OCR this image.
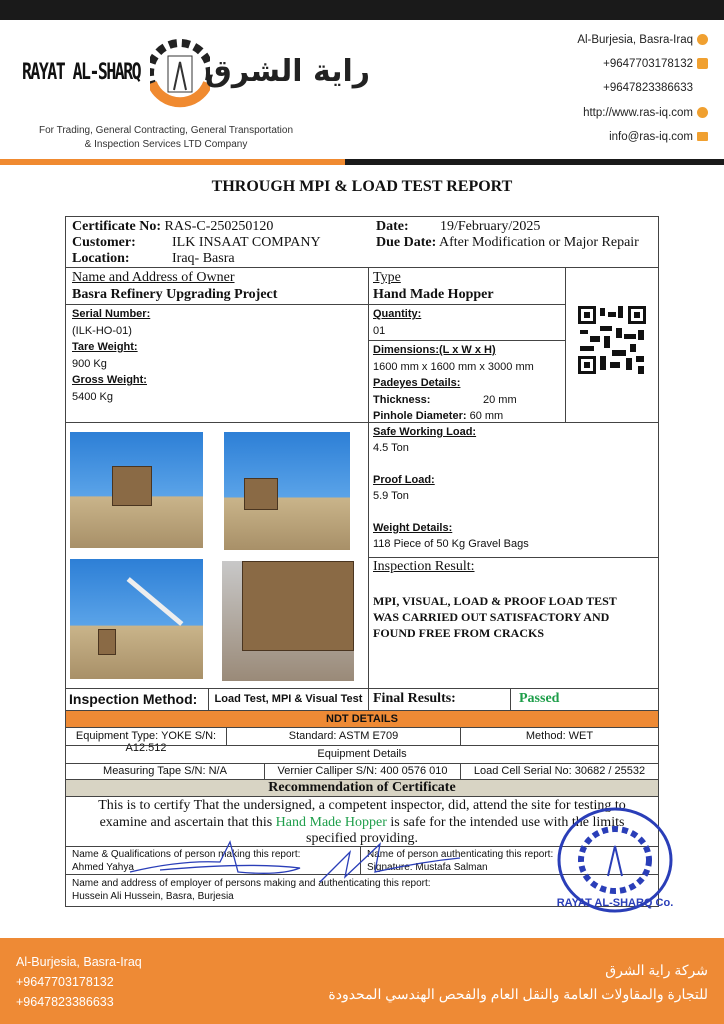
RAYAT AL-SHARQ راية الشرق
For Trading, General Contracting, General Transportation
& Inspection Services LTD Company
Al-Burjesia, Basra-Iraq
+9647703178132
+9647823386633
http://www.ras-iq.com
info@ras-iq.com
THROUGH MPI & LOAD TEST REPORT
Certificate No: RAS-C-250250120
Customer:	ILK INSAAT COMPANY
Location:	Iraq- Basra
Date: 19/February/2025
Due Date: After Modification or Major Repair
Name and Address of Owner
Basra Refinery Upgrading Project
Type
Hand Made Hopper
Serial Number:
(ILK-HO-01)
Tare Weight:
900 Kg
Gross Weight:
5400 Kg
Quantity:
01
Dimensions:(L x W x H)
1600 mm x 1600 mm x 3000 mm
Padeyes Details:
Thickness:	20 mm
Pinhole Diameter: 60 mm
Safe Working Load:
4.5 Ton
Proof Load:
5.9 Ton
Weight Details:
118 Piece of 50 Kg Gravel Bags
Inspection Result:
MPI, VISUAL, LOAD & PROOF LOAD TEST WAS CARRIED OUT SATISFACTORY AND FOUND FREE FROM CRACKS
Inspection Method:	Load Test, MPI & Visual Test Final Results:	Passed
NDT DETAILS
Equipment Type: YOKE S/N: A12.512
Standard: ASTM E709	Method: WET
Equipment Details
Measuring Tape S/N: N/A	Vernier Calliper S/N: 400 0576 010	Load Cell Serial No: 30682 / 25532
Recommendation of Certificate
This is to certify That the undersigned, a competent inspector, did, attend the site for testing to examine and ascertain that this Hand Made Hopper is safe for the intended use with the limits specified providing.
Name & Qualifications of person making this report:
Ahmed Yahya
Name of person authenticating this report:
Signature: Mustafa Salman
Name and address of employer of persons making and authenticating this report:
Hussein Ali Hussein, Basra, Burjesia
RAYAT AL-SHARQ Co.
Al-Burjesia, Basra-Iraq
+9647703178132
+9647823386633
شركة راية الشرق
للتجارة والمقاولات العامة والنقل العام والفحص الهندسي المحدودة
